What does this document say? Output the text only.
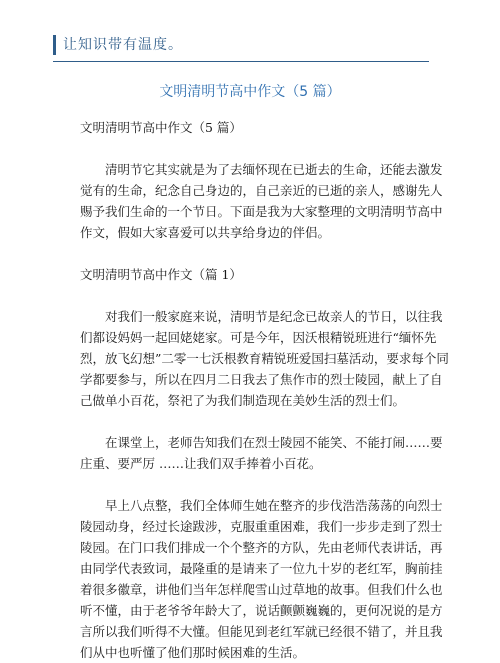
让知识带有温度。
文明清明节高中作文（5 篇）
文明清明节高中作文（5 篇）
　　清明节它其实就是为了去缅怀现在已逝去的生命，还能去激发
觉有的生命，纪念自己身边的，自己亲近的已逝的亲人，感谢先人
赐予我们生命的一个节日。下面是我为大家整理的文明清明节高中
作文，假如大家喜爱可以共享给身边的伴侣。
文明清明节高中作文（篇 1）
　　对我们一般家庭来说，清明节是纪念已故亲人的节日，以往我
们都设妈妈一起回姥姥家。可是今年，因沃根精锐班进行“缅怀先
烈，放飞幻想”二零一七沃根教育精锐班爱国扫墓活动，要求每个同
学都要参与，所以在四月二日我去了焦作市的烈士陵园，献上了自
己做单小百花，祭祀了为我们制造现在美妙生活的烈士们。
　　在课堂上，老师告知我们在烈士陵园不能笑、不能打闹……要
庄重、要严厉 ……让我们双手捧着小百花。
　　早上八点整，我们全体师生她在整齐的步伐浩浩荡荡的向烈士
陵园动身，经过长途跋涉，克服重重困难，我们一步步走到了烈士
陵园。在门口我们排成一个个整齐的方队，先由老师代表讲话，再
由同学代表致词，最隆重的是请来了一位九十岁的老红军，胸前挂
着很多徽章，讲他们当年怎样爬雪山过草地的故事。但我们什么也
听不懂，由于老爷爷年龄大了，说话颤颤巍巍的，更何况说的是方
言所以我们听得不大懂。但能见到老红军就已经很不错了，并且我
们从中也听懂了他们那时候困难的生活。
